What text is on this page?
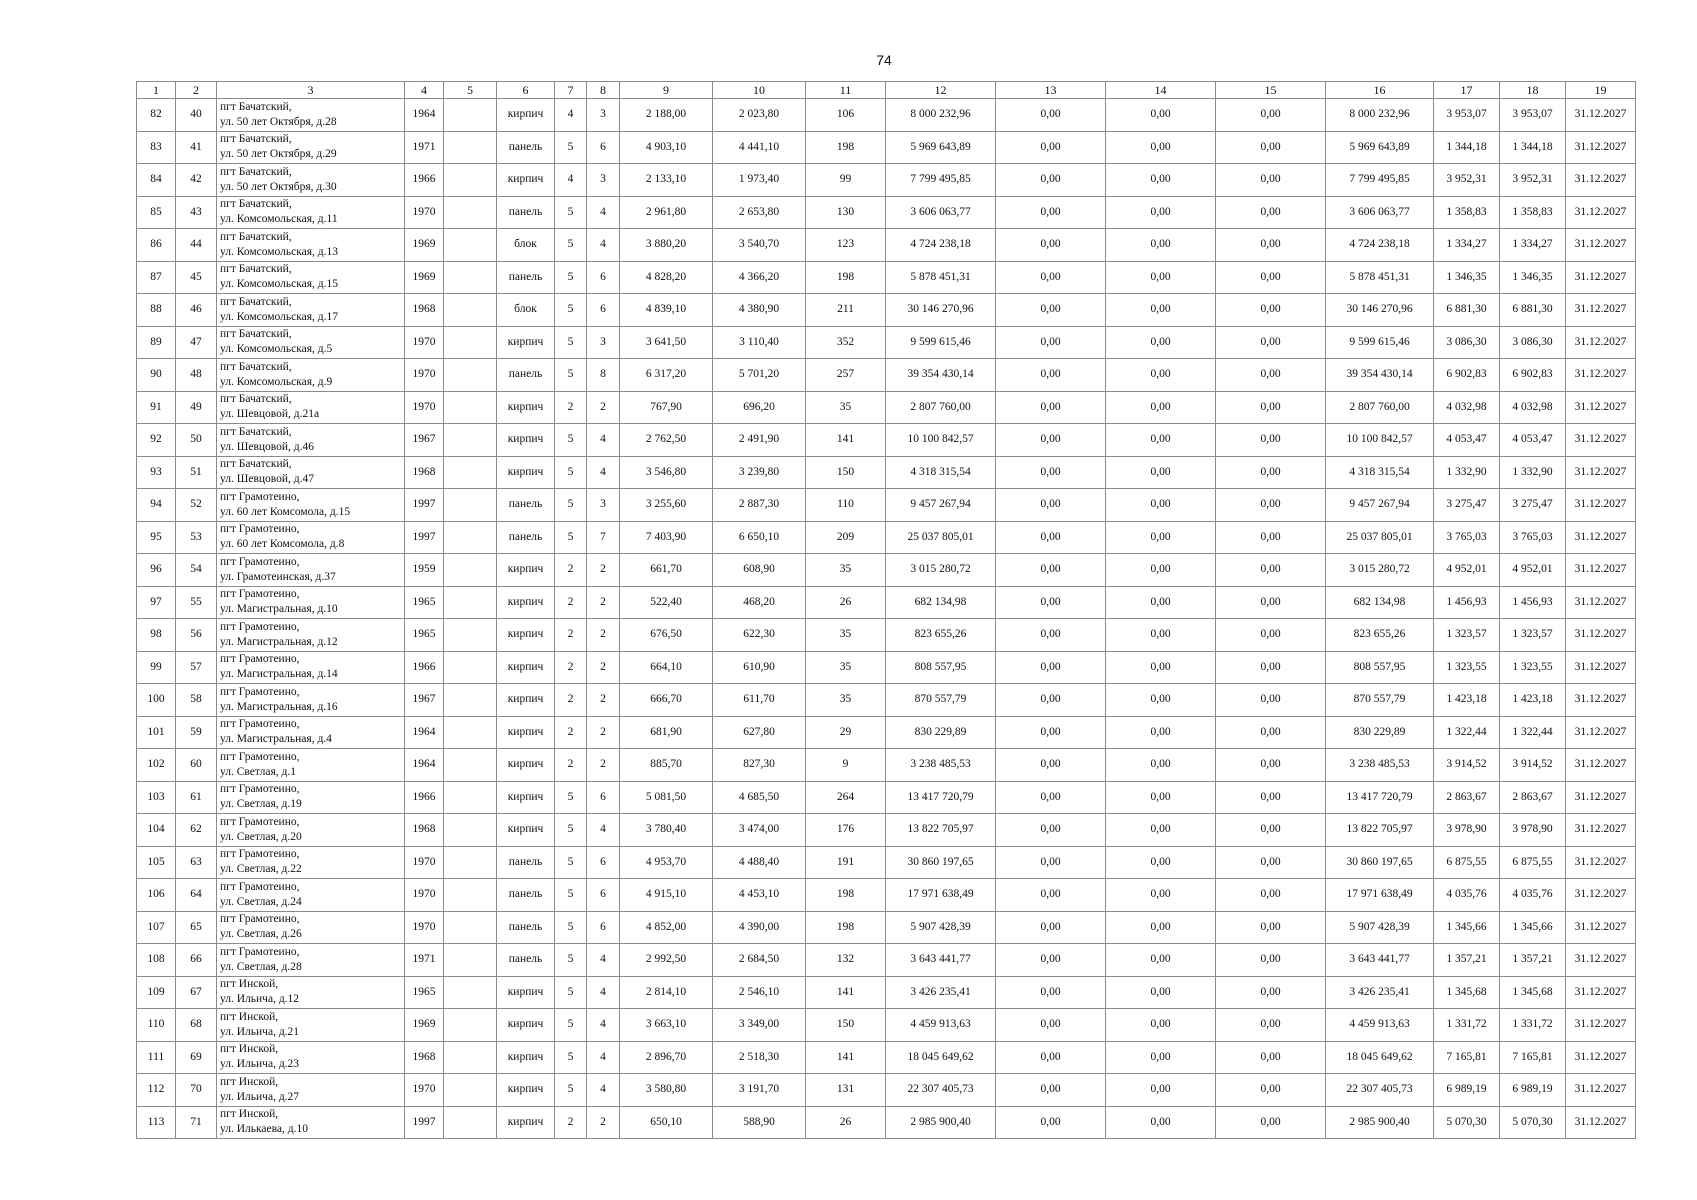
74
1	2	3	4	5	6	7	8	9	10	11	12	13	14	15	16	17	18	19
82	40	пгт Бачатский,
ул. 50 лет Октября, д.28	1964		кирпич	4	3	2 188,00	2 023,80	106	8 000 232,96	0,00	0,00	0,00	8 000 232,96	3 953,07	3 953,07	31.12.2027
83	41	пгт Бачатский,
ул. 50 лет Октября, д.29	1971		панель	5	6	4 903,10	4 441,10	198	5 969 643,89	0,00	0,00	0,00	5 969 643,89	1 344,18	1 344,18	31.12.2027
84	42	пгт Бачатский,
ул. 50 лет Октября, д.30	1966		кирпич	4	3	2 133,10	1 973,40	99	7 799 495,85	0,00	0,00	0,00	7 799 495,85	3 952,31	3 952,31	31.12.2027
85	43	пгт Бачатский,
ул. Комсомольская, д.11	1970		панель	5	4	2 961,80	2 653,80	130	3 606 063,77	0,00	0,00	0,00	3 606 063,77	1 358,83	1 358,83	31.12.2027
86	44	пгт Бачатский,
ул. Комсомольская, д.13	1969		блок	5	4	3 880,20	3 540,70	123	4 724 238,18	0,00	0,00	0,00	4 724 238,18	1 334,27	1 334,27	31.12.2027
87	45	пгт Бачатский,
ул. Комсомольская, д.15	1969		панель	5	6	4 828,20	4 366,20	198	5 878 451,31	0,00	0,00	0,00	5 878 451,31	1 346,35	1 346,35	31.12.2027
88	46	пгт Бачатский,
ул. Комсомольская, д.17	1968		блок	5	6	4 839,10	4 380,90	211	30 146 270,96	0,00	0,00	0,00	30 146 270,96	6 881,30	6 881,30	31.12.2027
89	47	пгт Бачатский,
ул. Комсомольская, д.5	1970		кирпич	5	3	3 641,50	3 110,40	352	9 599 615,46	0,00	0,00	0,00	9 599 615,46	3 086,30	3 086,30	31.12.2027
90	48	пгт Бачатский,
ул. Комсомольская, д.9	1970		панель	5	8	6 317,20	5 701,20	257	39 354 430,14	0,00	0,00	0,00	39 354 430,14	6 902,83	6 902,83	31.12.2027
91	49	пгт Бачатский,
ул. Шевцовой, д.21а	1970		кирпич	2	2	767,90	696,20	35	2 807 760,00	0,00	0,00	0,00	2 807 760,00	4 032,98	4 032,98	31.12.2027
92	50	пгт Бачатский,
ул. Шевцовой, д.46	1967		кирпич	5	4	2 762,50	2 491,90	141	10 100 842,57	0,00	0,00	0,00	10 100 842,57	4 053,47	4 053,47	31.12.2027
93	51	пгт Бачатский,
ул. Шевцовой, д.47	1968		кирпич	5	4	3 546,80	3 239,80	150	4 318 315,54	0,00	0,00	0,00	4 318 315,54	1 332,90	1 332,90	31.12.2027
94	52	пгт Грамотеино,
ул. 60 лет Комсомола, д.15	1997		панель	5	3	3 255,60	2 887,30	110	9 457 267,94	0,00	0,00	0,00	9 457 267,94	3 275,47	3 275,47	31.12.2027
95	53	пгт Грамотеино,
ул. 60 лет Комсомола, д.8	1997		панель	5	7	7 403,90	6 650,10	209	25 037 805,01	0,00	0,00	0,00	25 037 805,01	3 765,03	3 765,03	31.12.2027
96	54	пгт Грамотеино,
ул. Грамотеинская, д.37	1959		кирпич	2	2	661,70	608,90	35	3 015 280,72	0,00	0,00	0,00	3 015 280,72	4 952,01	4 952,01	31.12.2027
97	55	пгт Грамотеино,
ул. Магистральная, д.10	1965		кирпич	2	2	522,40	468,20	26	682 134,98	0,00	0,00	0,00	682 134,98	1 456,93	1 456,93	31.12.2027
98	56	пгт Грамотеино,
ул. Магистральная, д.12	1965		кирпич	2	2	676,50	622,30	35	823 655,26	0,00	0,00	0,00	823 655,26	1 323,57	1 323,57	31.12.2027
99	57	пгт Грамотеино,
ул. Магистральная, д.14	1966		кирпич	2	2	664,10	610,90	35	808 557,95	0,00	0,00	0,00	808 557,95	1 323,55	1 323,55	31.12.2027
100	58	пгт Грамотеино,
ул. Магистральная, д.16	1967		кирпич	2	2	666,70	611,70	35	870 557,79	0,00	0,00	0,00	870 557,79	1 423,18	1 423,18	31.12.2027
101	59	пгт Грамотеино,
ул. Магистральная, д.4	1964		кирпич	2	2	681,90	627,80	29	830 229,89	0,00	0,00	0,00	830 229,89	1 322,44	1 322,44	31.12.2027
102	60	пгт Грамотеино,
ул. Светлая, д.1	1964		кирпич	2	2	885,70	827,30	9	3 238 485,53	0,00	0,00	0,00	3 238 485,53	3 914,52	3 914,52	31.12.2027
103	61	пгт Грамотеино,
ул. Светлая, д.19	1966		кирпич	5	6	5 081,50	4 685,50	264	13 417 720,79	0,00	0,00	0,00	13 417 720,79	2 863,67	2 863,67	31.12.2027
104	62	пгт Грамотеино,
ул. Светлая, д.20	1968		кирпич	5	4	3 780,40	3 474,00	176	13 822 705,97	0,00	0,00	0,00	13 822 705,97	3 978,90	3 978,90	31.12.2027
105	63	пгт Грамотеино,
ул. Светлая, д.22	1970		панель	5	6	4 953,70	4 488,40	191	30 860 197,65	0,00	0,00	0,00	30 860 197,65	6 875,55	6 875,55	31.12.2027
106	64	пгт Грамотеино,
ул. Светлая, д.24	1970		панель	5	6	4 915,10	4 453,10	198	17 971 638,49	0,00	0,00	0,00	17 971 638,49	4 035,76	4 035,76	31.12.2027
107	65	пгт Грамотеино,
ул. Светлая, д.26	1970		панель	5	6	4 852,00	4 390,00	198	5 907 428,39	0,00	0,00	0,00	5 907 428,39	1 345,66	1 345,66	31.12.2027
108	66	пгт Грамотеино,
ул. Светлая, д.28	1971		панель	5	4	2 992,50	2 684,50	132	3 643 441,77	0,00	0,00	0,00	3 643 441,77	1 357,21	1 357,21	31.12.2027
109	67	пгт Инской,
ул. Ильича, д.12	1965		кирпич	5	4	2 814,10	2 546,10	141	3 426 235,41	0,00	0,00	0,00	3 426 235,41	1 345,68	1 345,68	31.12.2027
110	68	пгт Инской,
ул. Ильича, д.21	1969		кирпич	5	4	3 663,10	3 349,00	150	4 459 913,63	0,00	0,00	0,00	4 459 913,63	1 331,72	1 331,72	31.12.2027
111	69	пгт Инской,
ул. Ильича, д.23	1968		кирпич	5	4	2 896,70	2 518,30	141	18 045 649,62	0,00	0,00	0,00	18 045 649,62	7 165,81	7 165,81	31.12.2027
112	70	пгт Инской,
ул. Ильича, д.27	1970		кирпич	5	4	3 580,80	3 191,70	131	22 307 405,73	0,00	0,00	0,00	22 307 405,73	6 989,19	6 989,19	31.12.2027
113	71	пгт Инской,
ул. Илькаева, д.10	1997		кирпич	2	2	650,10	588,90	26	2 985 900,40	0,00	0,00	0,00	2 985 900,40	5 070,30	5 070,30	31.12.2027
